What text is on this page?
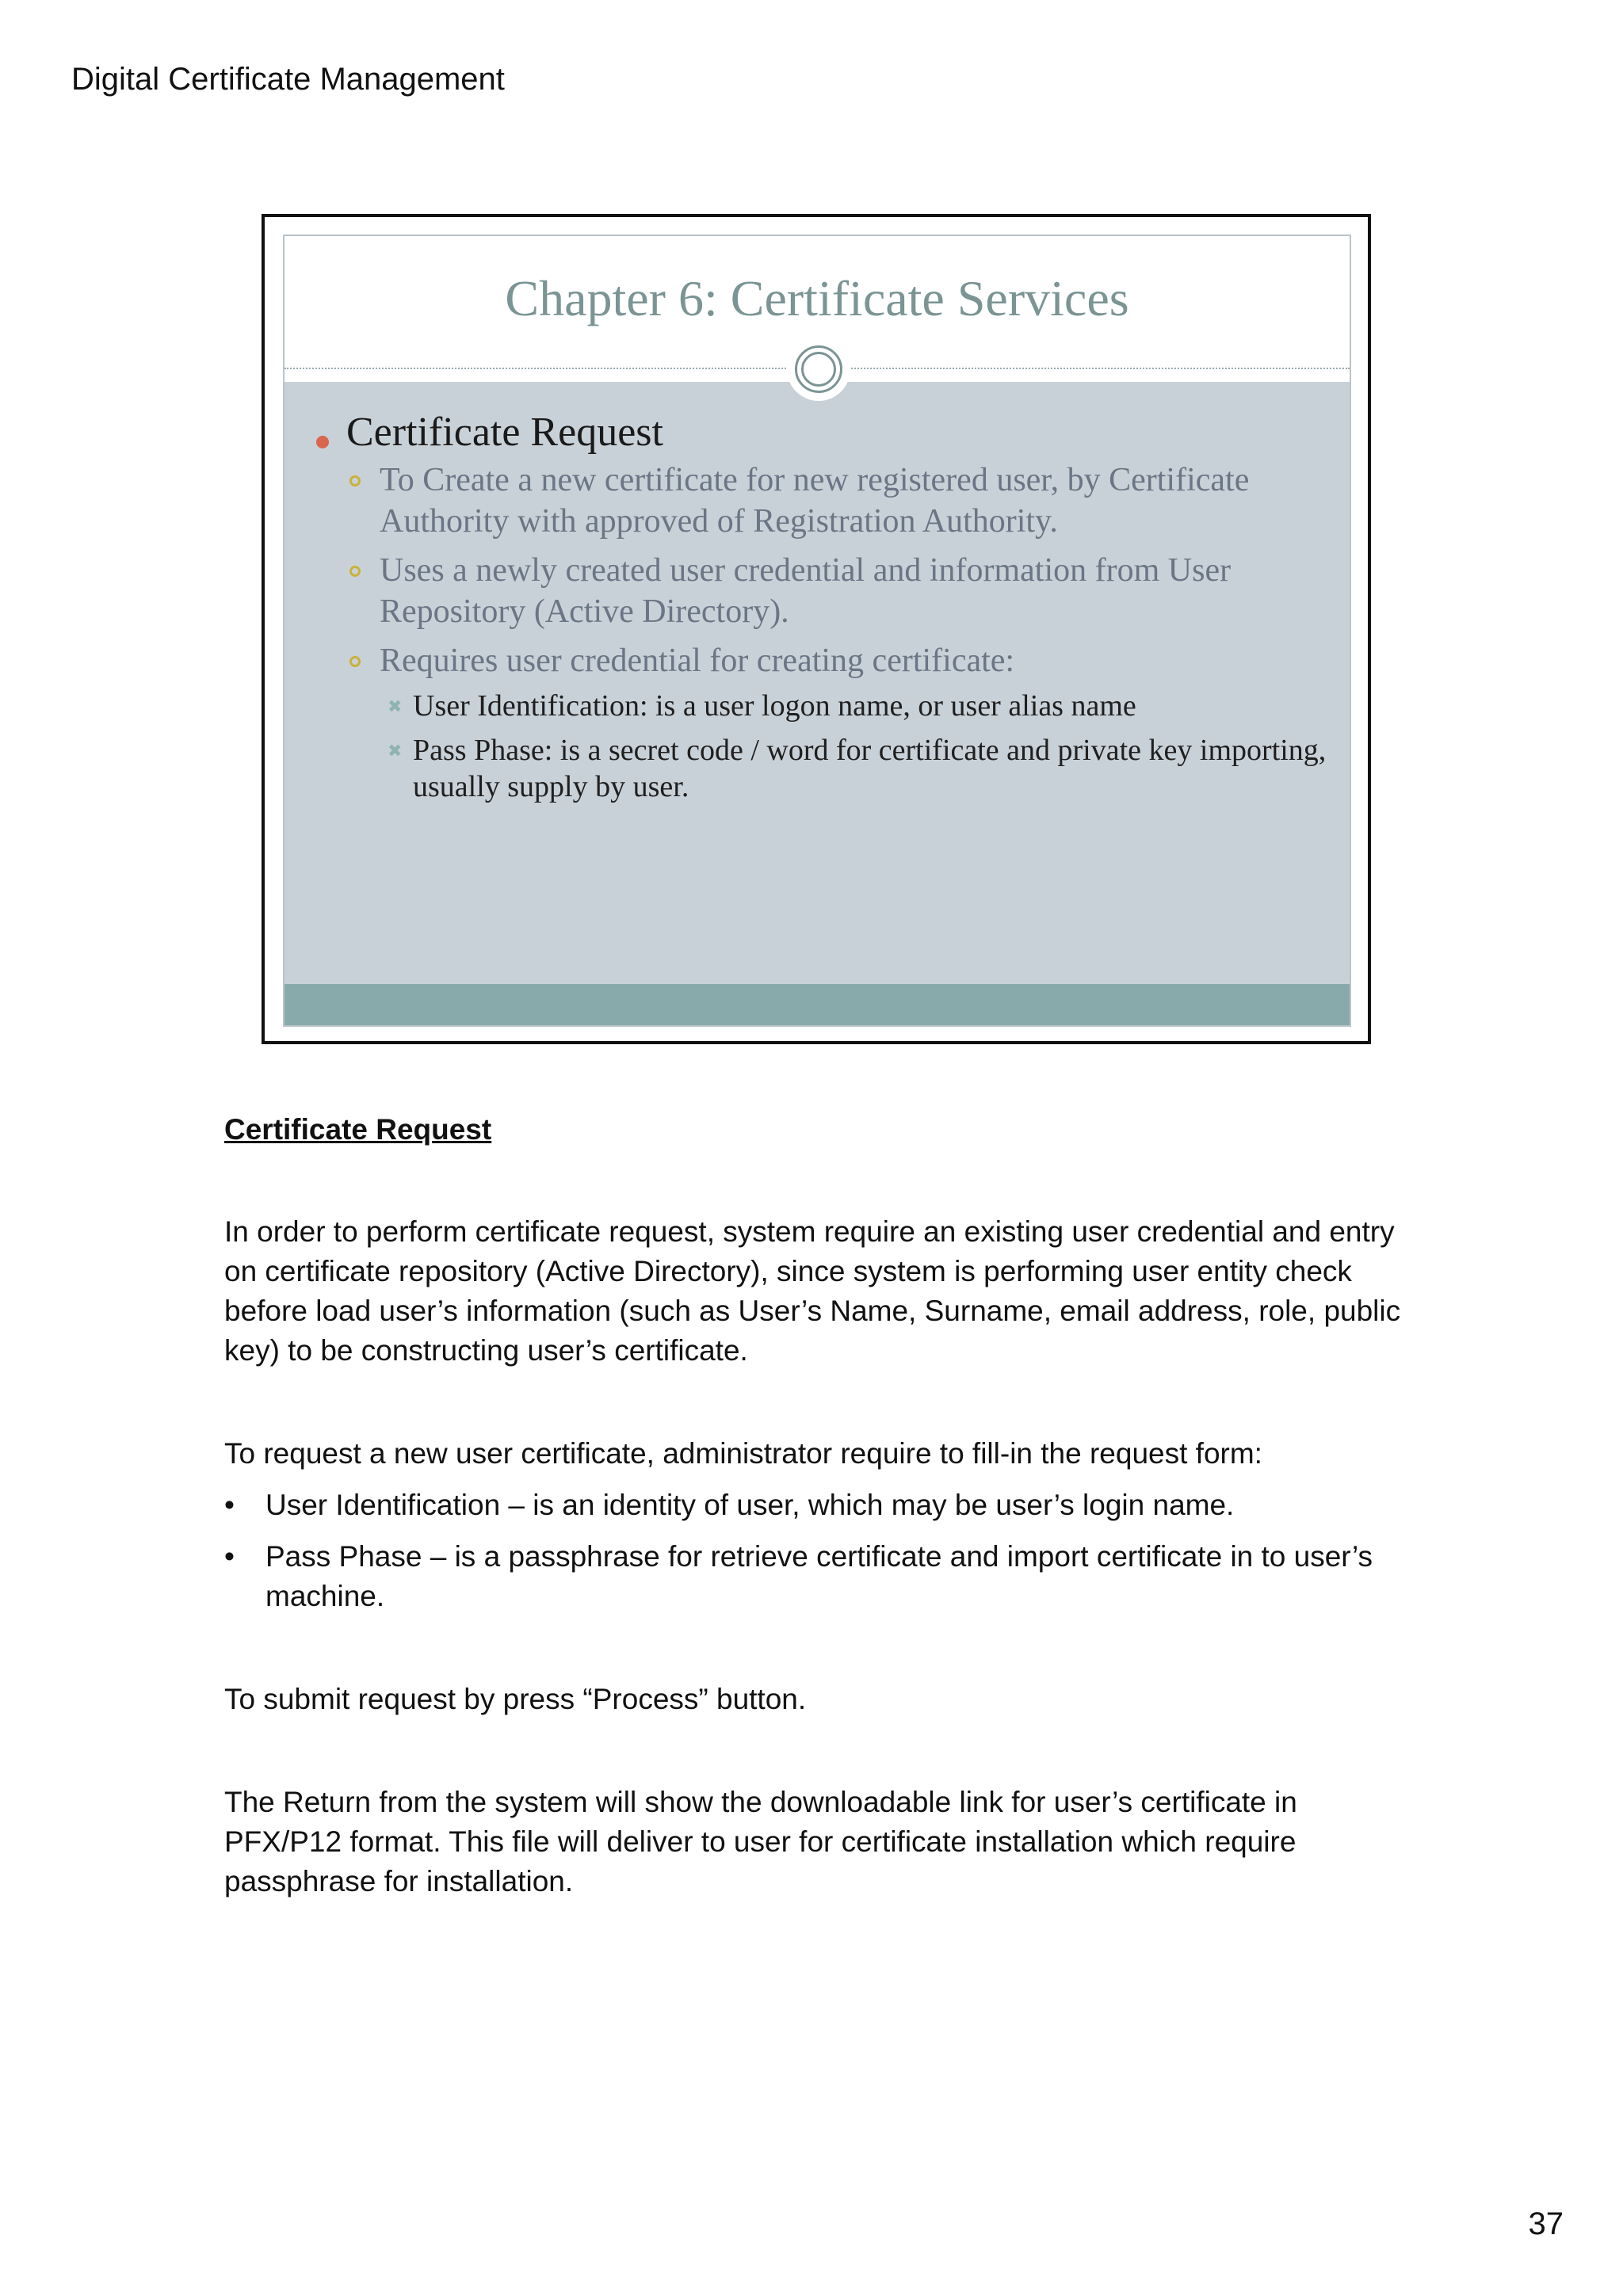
Digital Certificate Management
Chapter 6: Certificate Services
Certificate Request
To Create a new certificate for new registered user, by Certificate Authority with approved of Registration Authority.
Uses a newly created user credential and information from User Repository (Active Directory).
Requires user credential for creating certificate:
✖ User Identification: is a user logon name, or user alias name
✖ Pass Phase: is a secret code / word for certificate and private key importing, usually supply by user.
Certificate Request
In order to perform certificate request, system require an existing user credential and entry on certificate repository (Active Directory), since system is performing user entity check before load user’s information (such as User’s Name, Surname, email address, role, public key) to be constructing user’s certificate.
To request a new user certificate, administrator require to fill-in the request form:
• User Identification – is an identity of user, which may be user’s login name.
• Pass Phase – is a passphrase for retrieve certificate and import certificate in to user’s machine.
To submit request by press “Process” button.
The Return from the system will show the downloadable link for user’s certificate in PFX/P12 format. This file will deliver to user for certificate installation which require passphrase for installation.
37
